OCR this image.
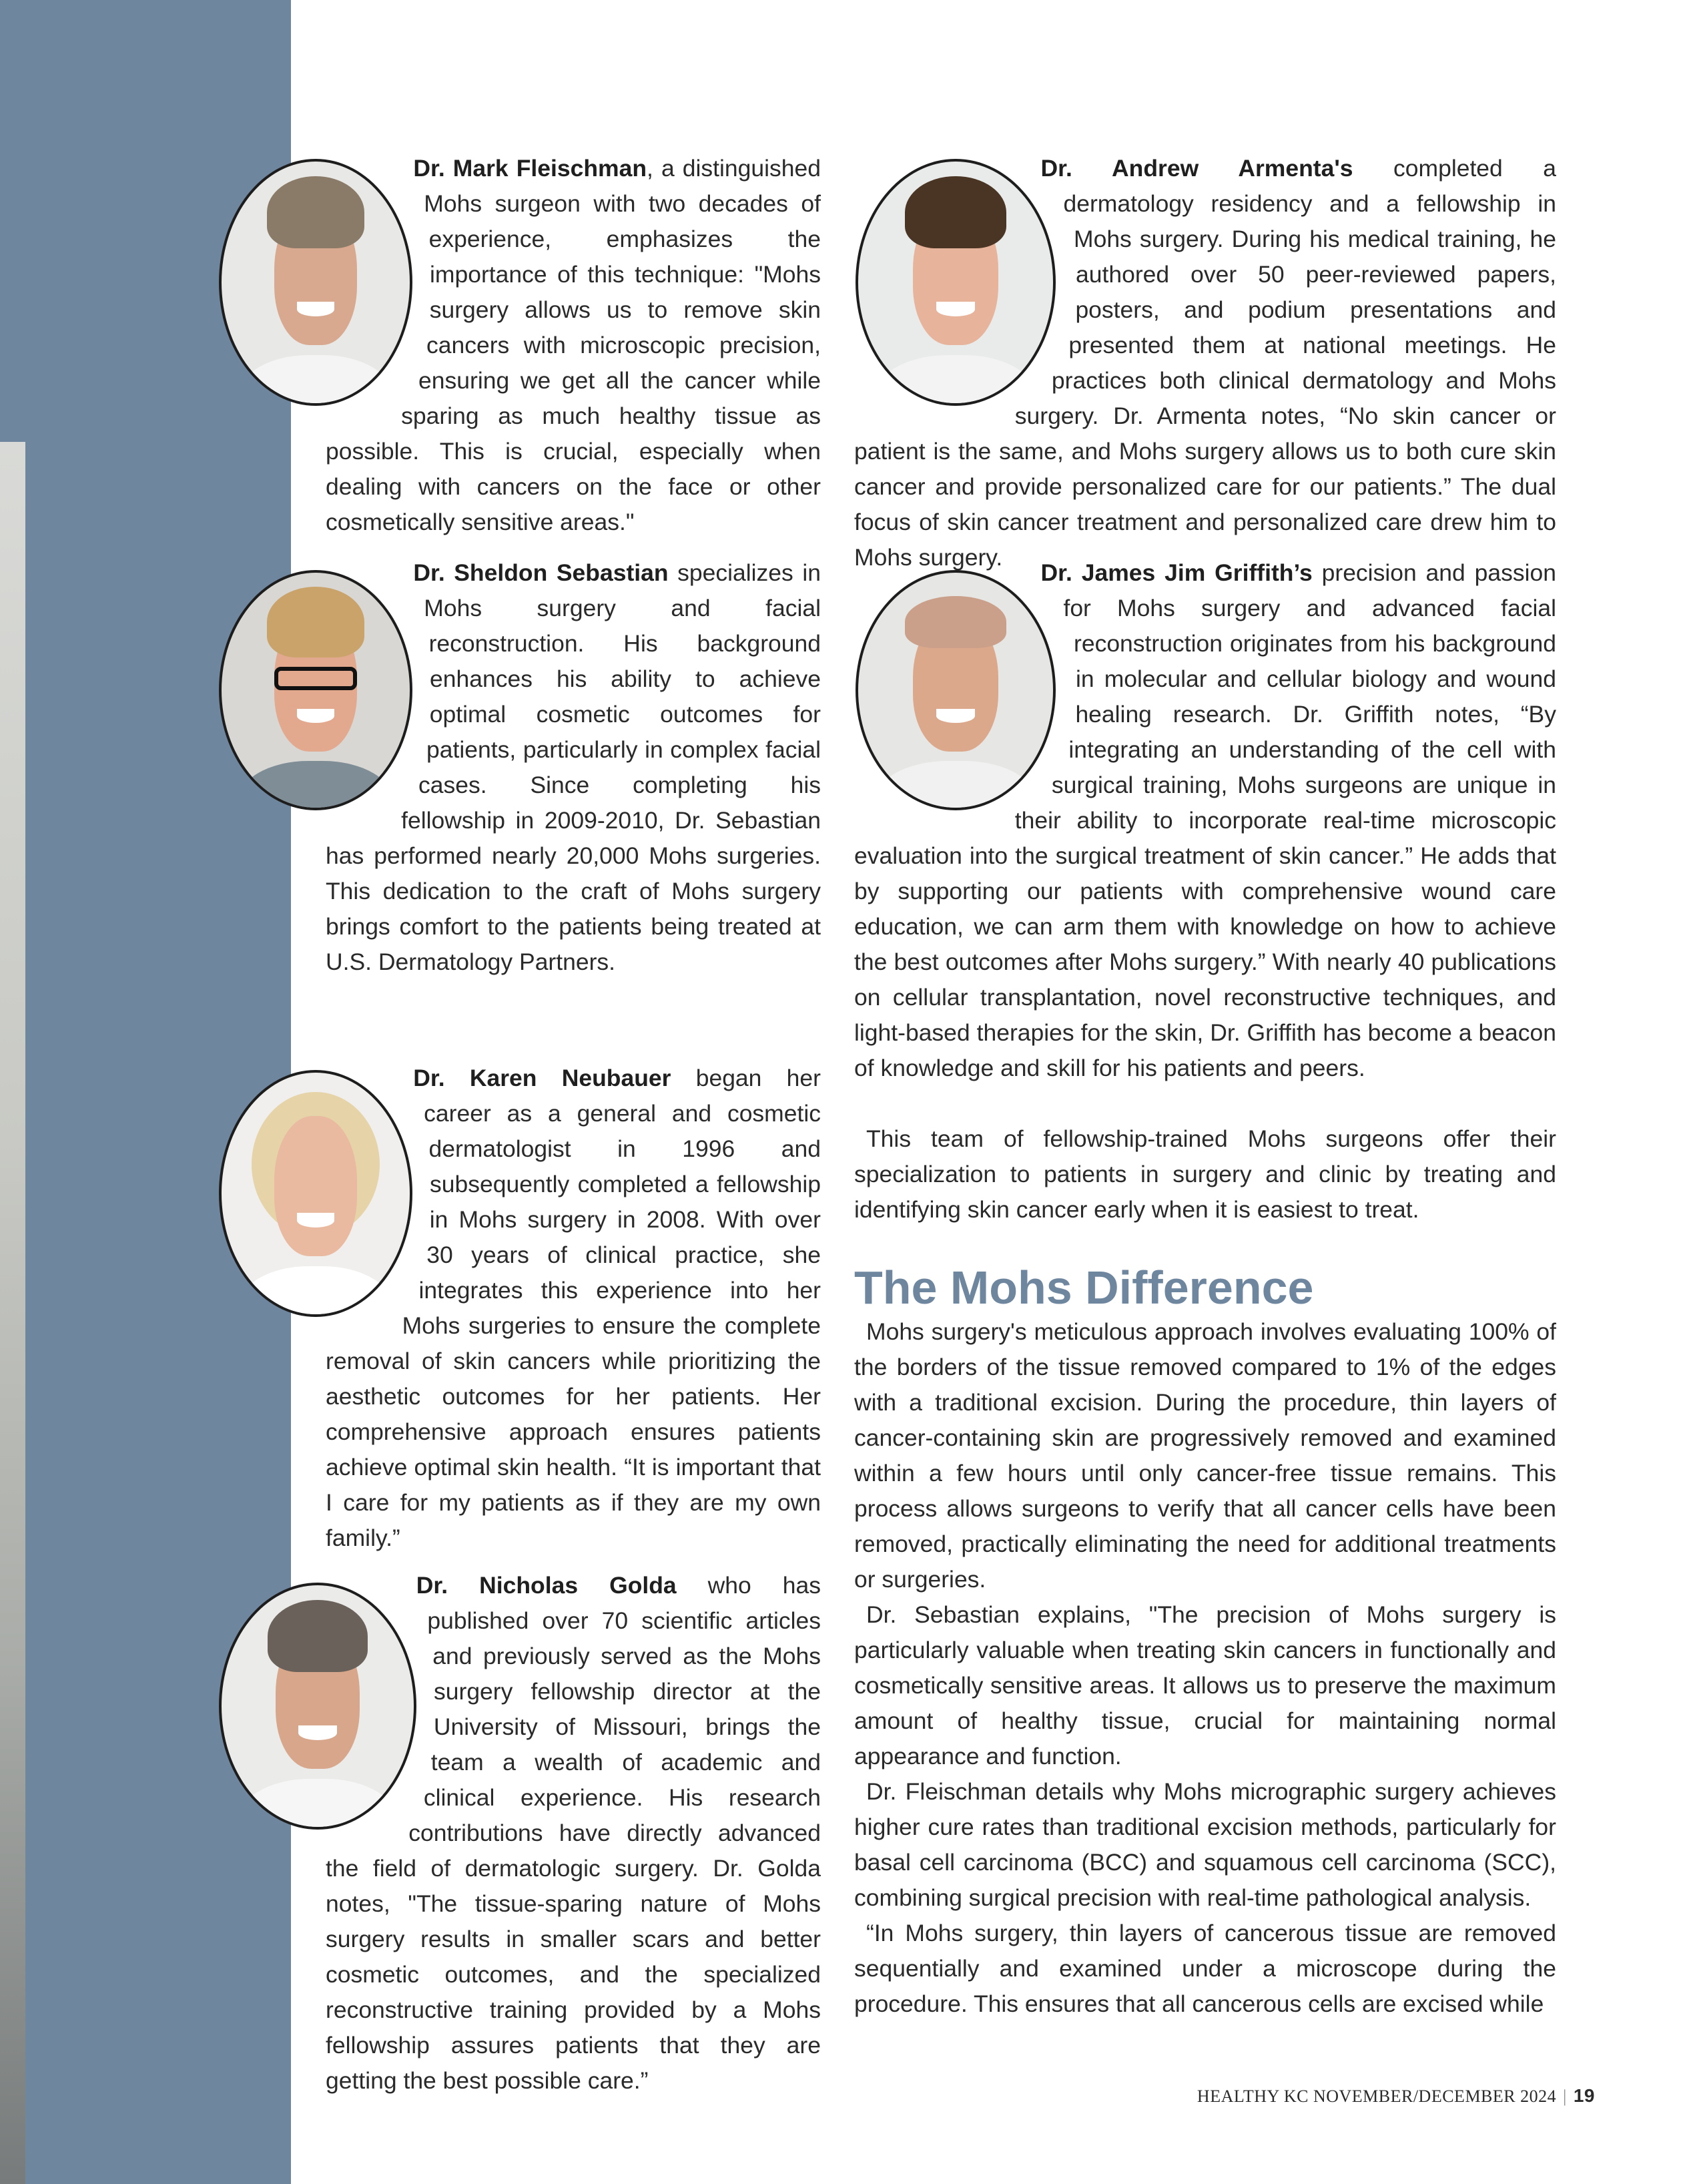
Dr. Mark Fleischman, a distinguished Mohs surgeon with two decades of experience, emphasizes the importance of this technique: "Mohs surgery allows us to remove skin cancers with microscopic precision, ensuring we get all the cancer while sparing as much healthy tissue as possible. This is crucial, especially when dealing with cancers on the face or other cosmetically sensitive areas."

Dr. Sheldon Sebastian specializes in Mohs surgery and facial reconstruction. His background enhances his ability to achieve optimal cosmetic outcomes for patients, particularly in complex facial cases. Since completing his fellowship in 2009-2010, Dr. Sebastian has performed nearly 20,000 Mohs surgeries. This dedication to the craft of Mohs surgery brings comfort to the patients being treated at U.S. Dermatology Partners.

Dr. Karen Neubauer began her career as a general and cosmetic dermatologist in 1996 and subsequently completed a fellowship in Mohs surgery in 2008. With over 30 years of clinical practice, she integrates this experience into her Mohs surgeries to ensure the complete removal of skin cancers while prioritizing the aesthetic outcomes for her patients. Her comprehensive approach ensures patients achieve optimal skin health. “It is important that I care for my patients as if they are my own family.”

Dr. Nicholas Golda who has published over 70 scientific articles and previously served as the Mohs surgery fellowship director at the University of Missouri, brings the team a wealth of academic and clinical experience. His research contributions have directly advanced the field of dermatologic surgery. Dr. Golda notes, "The tissue-sparing nature of Mohs surgery results in smaller scars and better cosmetic outcomes, and the specialized reconstructive training provided by a Mohs fellowship assures patients that they are getting the best possible care.”

Dr. Andrew Armenta's completed a dermatology residency and a fellowship in Mohs surgery. During his medical training, he authored over 50 peer-reviewed papers, posters, and podium presentations and presented them at national meetings. He practices both clinical dermatology and Mohs surgery. Dr. Armenta notes, “No skin cancer or patient is the same, and Mohs surgery allows us to both cure skin cancer and provide personalized care for our patients.” The dual focus of skin cancer treatment and personalized care drew him to Mohs surgery.

Dr. James Jim Griffith’s precision and passion for Mohs surgery and advanced facial reconstruction originates from his background in molecular and cellular biology and wound healing research. Dr. Griffith notes, “By integrating an understanding of the cell with surgical training, Mohs surgeons are unique in their ability to incorporate real-time microscopic evaluation into the surgical treatment of skin cancer.” He adds that by supporting our patients with comprehensive wound care education, we can arm them with knowledge on how to achieve the best outcomes after Mohs surgery.” With nearly 40 publications on cellular transplantation, novel reconstructive techniques, and light-based therapies for the skin, Dr. Griffith has become a beacon of knowledge and skill for his patients and peers.

This team of fellowship-trained Mohs surgeons offer their specialization to patients in surgery and clinic by treating and identifying skin cancer early when it is easiest to treat.

The Mohs Difference

Mohs surgery's meticulous approach involves evaluating 100% of the borders of the tissue removed compared to 1% of the edges with a traditional excision. During the procedure, thin layers of cancer-containing skin are progressively removed and examined within a few hours until only cancer-free tissue remains. This process allows surgeons to verify that all cancer cells have been removed, practically eliminating the need for additional treatments or surgeries.

Dr. Sebastian explains, "The precision of Mohs surgery is particularly valuable when treating skin cancers in functionally and cosmetically sensitive areas. It allows us to preserve the maximum amount of healthy tissue, crucial for maintaining normal appearance and function.

Dr. Fleischman details why Mohs micrographic surgery achieves higher cure rates than traditional excision methods, particularly for basal cell carcinoma (BCC) and squamous cell carcinoma (SCC), combining surgical precision with real-time pathological analysis.

“In Mohs surgery, thin layers of cancerous tissue are removed sequentially and examined under a microscope during the procedure. This ensures that all cancerous cells are excised while

HEALTHY KC NOVEMBER/DECEMBER 2024 | 19
